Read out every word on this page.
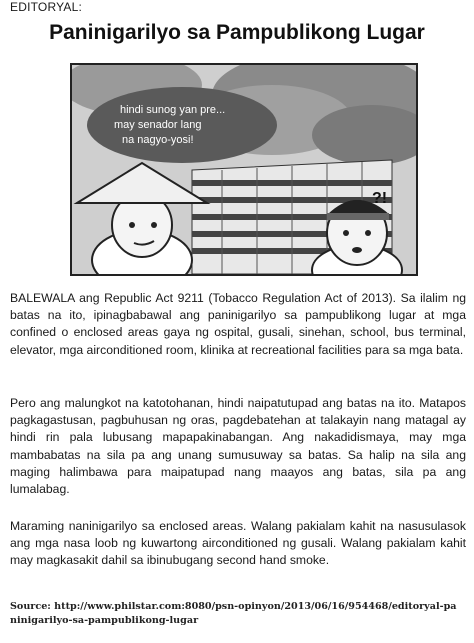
EDITORYAL:
Paninigarilyo sa Pampublikong Lugar
hindi sunog yan pre...
may senador lang
na nagyo-yosi!
?!

BALEWALA ang Republic Act 9211 (Tobacco Regulation Act of 2013). Sa ilalim ng batas na ito, ipinagbabawal ang paninigarilyo sa pampublikong lugar at mga confined o enclosed areas gaya ng ospital, gusali, sinehan, school, bus terminal, elevator, mga airconditioned room, klinika at recreational facilities para sa mga bata.

Pero ang malungkot na katotohanan, hindi naipatutupad ang batas na ito. Matapos pagkagastusan, pagbuhusan ng oras, pagdebatehan at talakayin nang matagal ay hindi rin pala lubusang mapapakinabangan. Ang nakadidismaya, may mga mambabatas na sila pa ang unang sumusuway sa batas. Sa halip na sila ang maging halimbawa para maipatupad nang maayos ang batas, sila pa ang lumalabag.

Maraming naninigarilyo sa enclosed areas. Walang pakialam kahit na nasusulasok ang mga nasa loob ng kuwartong airconditioned ng gusali. Walang pakialam kahit may magkasakit dahil sa ibinubugang second hand smoke.

Source: http://www.philstar.com:8080/psn-opinyon/2013/06/16/954468/editoryal-paninigarilyo-sa-pampublikong-lugar
